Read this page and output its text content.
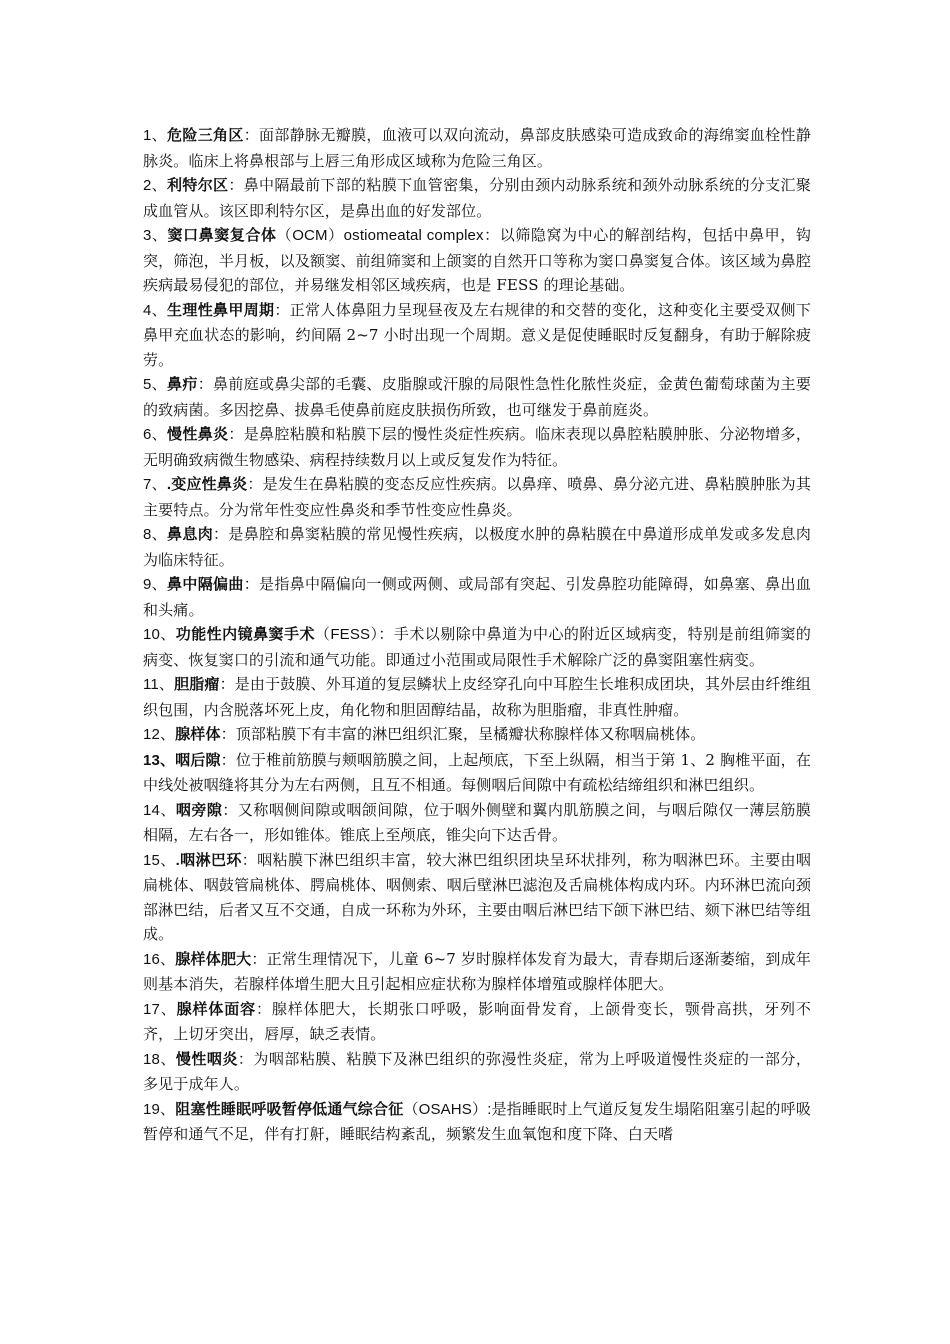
1、危险三角区：面部静脉无瓣膜，血液可以双向流动，鼻部皮肤感染可造成致命的海绵窦血栓性静脉炎。临床上将鼻根部与上唇三角形成区域称为危险三角区。

2、利特尔区：鼻中隔最前下部的粘膜下血管密集，分别由颈内动脉系统和颈外动脉系统的分支汇聚成血管从。该区即利特尔区，是鼻出血的好发部位。

3、窦口鼻窦复合体（OCM）ostiomeatal complex：以筛隐窝为中心的解剖结构，包括中鼻甲，钩突，筛泡，半月板，以及额窦、前组筛窦和上颌窦的自然开口等称为窦口鼻窦复合体。该区域为鼻腔疾病最易侵犯的部位，并易继发相邻区域疾病，也是 FESS 的理论基础。

4、生理性鼻甲周期：正常人体鼻阻力呈现昼夜及左右规律的和交替的变化，这种变化主要受双侧下鼻甲充血状态的影响，约间隔 2~7 小时出现一个周期。意义是促使睡眠时反复翻身，有助于解除疲劳。

5、鼻疖：鼻前庭或鼻尖部的毛囊、皮脂腺或汗腺的局限性急性化脓性炎症，金黄色葡萄球菌为主要的致病菌。多因挖鼻、拔鼻毛使鼻前庭皮肤损伤所致，也可继发于鼻前庭炎。

6、慢性鼻炎：是鼻腔粘膜和粘膜下层的慢性炎症性疾病。临床表现以鼻腔粘膜肿胀、分泌物增多，无明确致病微生物感染、病程持续数月以上或反复发作为特征。

7、.变应性鼻炎：是发生在鼻粘膜的变态反应性疾病。以鼻痒、喷鼻、鼻分泌亢进、鼻粘膜肿胀为其主要特点。分为常年性变应性鼻炎和季节性变应性鼻炎。

8、鼻息肉：是鼻腔和鼻窦粘膜的常见慢性疾病，以极度水肿的鼻粘膜在中鼻道形成单发或多发息肉为临床特征。

9、鼻中隔偏曲：是指鼻中隔偏向一侧或两侧、或局部有突起、引发鼻腔功能障碍，如鼻塞、鼻出血和头痛。

10、功能性内镜鼻窦手术（FESS）：手术以剔除中鼻道为中心的附近区域病变，特别是前组筛窦的病变、恢复窦口的引流和通气功能。即通过小范围或局限性手术解除广泛的鼻窦阻塞性病变。

11、胆脂瘤：是由于鼓膜、外耳道的复层鳞状上皮经穿孔向中耳腔生长堆积成团块，其外层由纤维组织包围，内含脱落坏死上皮，角化物和胆固醇结晶，故称为胆脂瘤，非真性肿瘤。

12、腺样体：顶部粘膜下有丰富的淋巴组织汇聚，呈橘瓣状称腺样体又称咽扁桃体。

13、咽后隙：位于椎前筋膜与颊咽筋膜之间，上起颅底，下至上纵隔，相当于第 1、2 胸椎平面，在中线处被咽缝将其分为左右两侧，且互不相通。每侧咽后间隙中有疏松结缔组织和淋巴组织。

14、咽旁隙：又称咽侧间隙或咽颌间隙，位于咽外侧壁和翼内肌筋膜之间，与咽后隙仅一薄层筋膜相隔，左右各一，形如锥体。锥底上至颅底，锥尖向下达舌骨。

15、.咽淋巴环：咽粘膜下淋巴组织丰富，较大淋巴组织团块呈环状排列，称为咽淋巴环。主要由咽扁桃体、咽鼓管扁桃体、腭扁桃体、咽侧索、咽后壁淋巴滤泡及舌扁桃体构成内环。内环淋巴流向颈部淋巴结，后者又互不交通，自成一环称为外环，主要由咽后淋巴结下颌下淋巴结、颏下淋巴结等组成。

16、腺样体肥大：正常生理情况下，儿童 6~7 岁时腺样体发育为最大，青春期后逐渐萎缩，到成年则基本消失，若腺样体增生肥大且引起相应症状称为腺样体增殖或腺样体肥大。

17、腺样体面容：腺样体肥大，长期张口呼吸，影响面骨发育，上颌骨变长，颚骨高拱，牙列不齐，上切牙突出，唇厚，缺乏表情。

18、慢性咽炎：为咽部粘膜、粘膜下及淋巴组织的弥漫性炎症，常为上呼吸道慢性炎症的一部分，多见于成年人。

19、阻塞性睡眠呼吸暂停低通气综合征（OSAHS）:是指睡眠时上气道反复发生塌陷阻塞引起的呼吸暂停和通气不足，伴有打鼾，睡眠结构紊乱，频繁发生血氧饱和度下降、白天嗜
